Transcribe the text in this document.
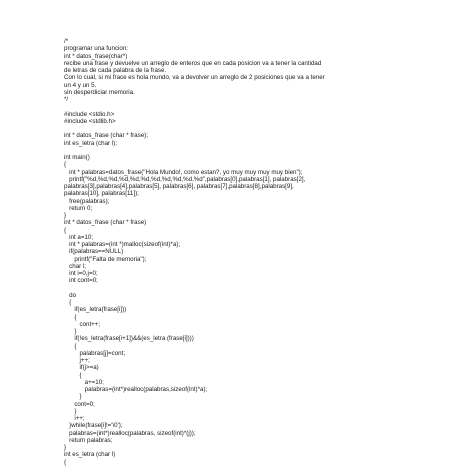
/*
programar una funcion:
int * datos_frase(char*)
recibe una frase y devuelve un arreglo de enteros que en cada posicion va a tener la cantidad
de letras de cada palabra de la frase.
Con lo cual, si mi frace es hola mundo, va a devolver un arreglo de 2 posiciones que va a tener
un 4 y un 5.
sin desperdiciar memoria.
*/

#include <stdio.h>
#include <stdlib.h>

int * datos_frase (char * frase);
int es_letra (char l);

int main()
{
int * palabras=datos_frase("Hola Mundo!, como estan?, yo muy muy muy muy bien");
printf("%d,%d,%d,%d,%d,%d,%d,%d,%d,%d,%d",palabras[0],palabras[1], palabras[2],
palabras[3],palabras[4],palabras[5], palabras[6], palabras[7],palabras[8],palabras[9],
palabras[10], palabras[11]);
free(palabras);
return 0;
}
int * datos_frase (char * frase)
{
int a=10;
int * palabras=(int *)malloc(sizeof(int)*a);
if(palabras==NULL)
printf("Falta de memoria");
char l;
int i=0,j=0;
int cont=0;

do
{
if(es_letra(frase[i]))
{
cont++;
}
if(!es_letra(frase[i+1])&&(es_letra (frase[i])))
{
palabras[j]=cont;
j++;
if(j>=a)
{
a+=10;
palabras=(int*)realloc(palabras,sizeof(int)*a);
}
cont=0;
}
i++;
}while(frase[i]!='\0');
palabras=(int*)realloc(palabras, sizeof(int)*(j));
return palabras;
}
int es_letra (char l)
{
